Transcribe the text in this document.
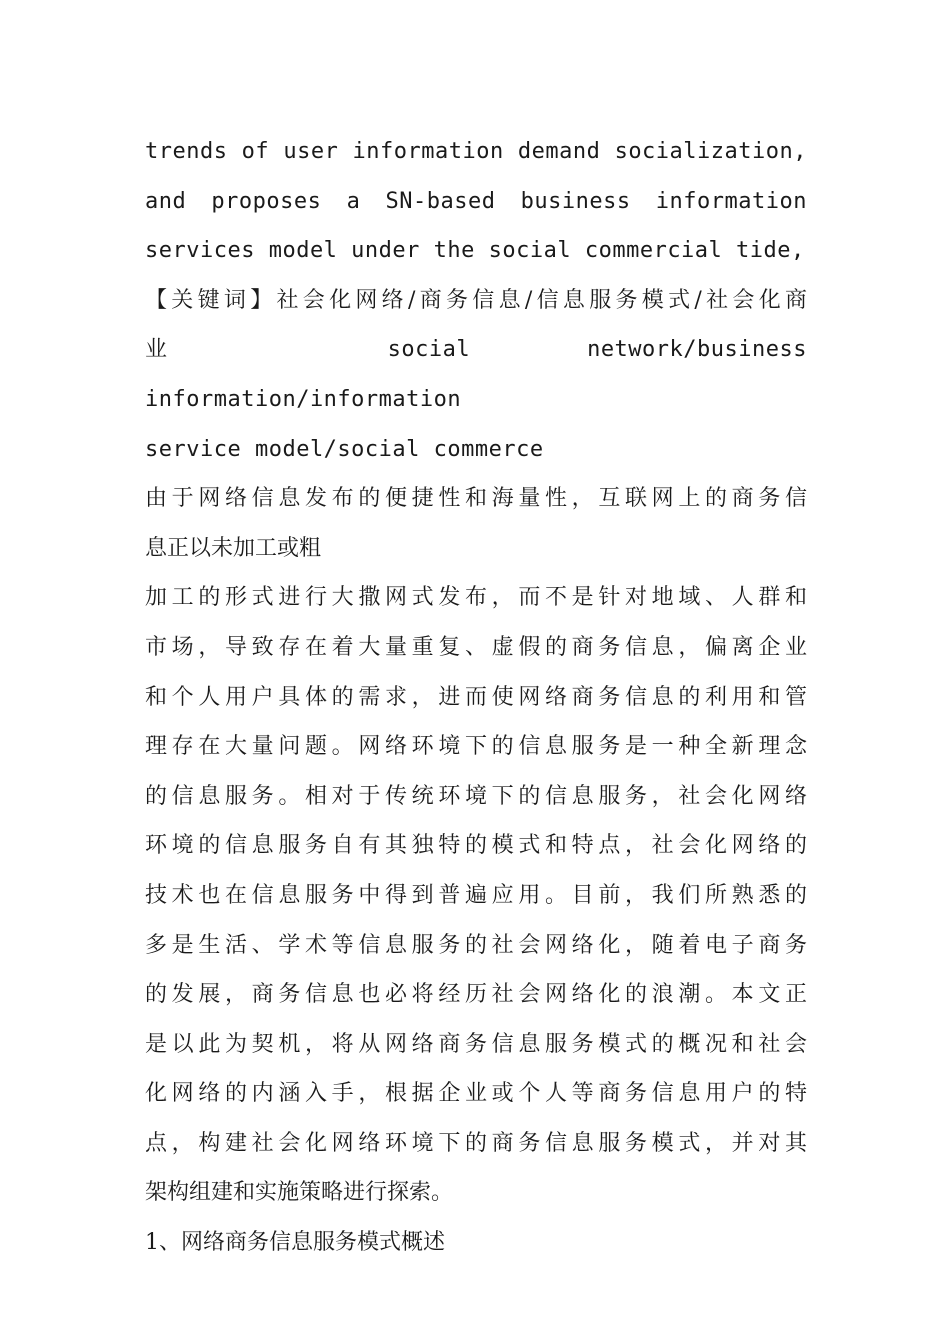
trends of user information demand socialization,

and proposes a SN-based business information

services model under the social commercial tide,

【关键词】社会化网络/商务信息/信息服务模式/社会化商

业 social network/business information/information

service model/social commerce

由于网络信息发布的便捷性和海量性，互联网上的商务信

息正以未加工或粗

加工的形式进行大撒网式发布，而不是针对地域、人群和

市场，导致存在着大量重复、虚假的商务信息，偏离企业

和个人用户具体的需求，进而使网络商务信息的利用和管

理存在大量问题。网络环境下的信息服务是一种全新理念

的信息服务。相对于传统环境下的信息服务，社会化网络

环境的信息服务自有其独特的模式和特点，社会化网络的

技术也在信息服务中得到普遍应用。目前，我们所熟悉的

多是生活、学术等信息服务的社会网络化，随着电子商务

的发展，商务信息也必将经历社会网络化的浪潮。本文正

是以此为契机，将从网络商务信息服务模式的概况和社会

化网络的内涵入手，根据企业或个人等商务信息用户的特

点，构建社会化网络环境下的商务信息服务模式，并对其

架构组建和实施策略进行探索。

1、网络商务信息服务模式概述
